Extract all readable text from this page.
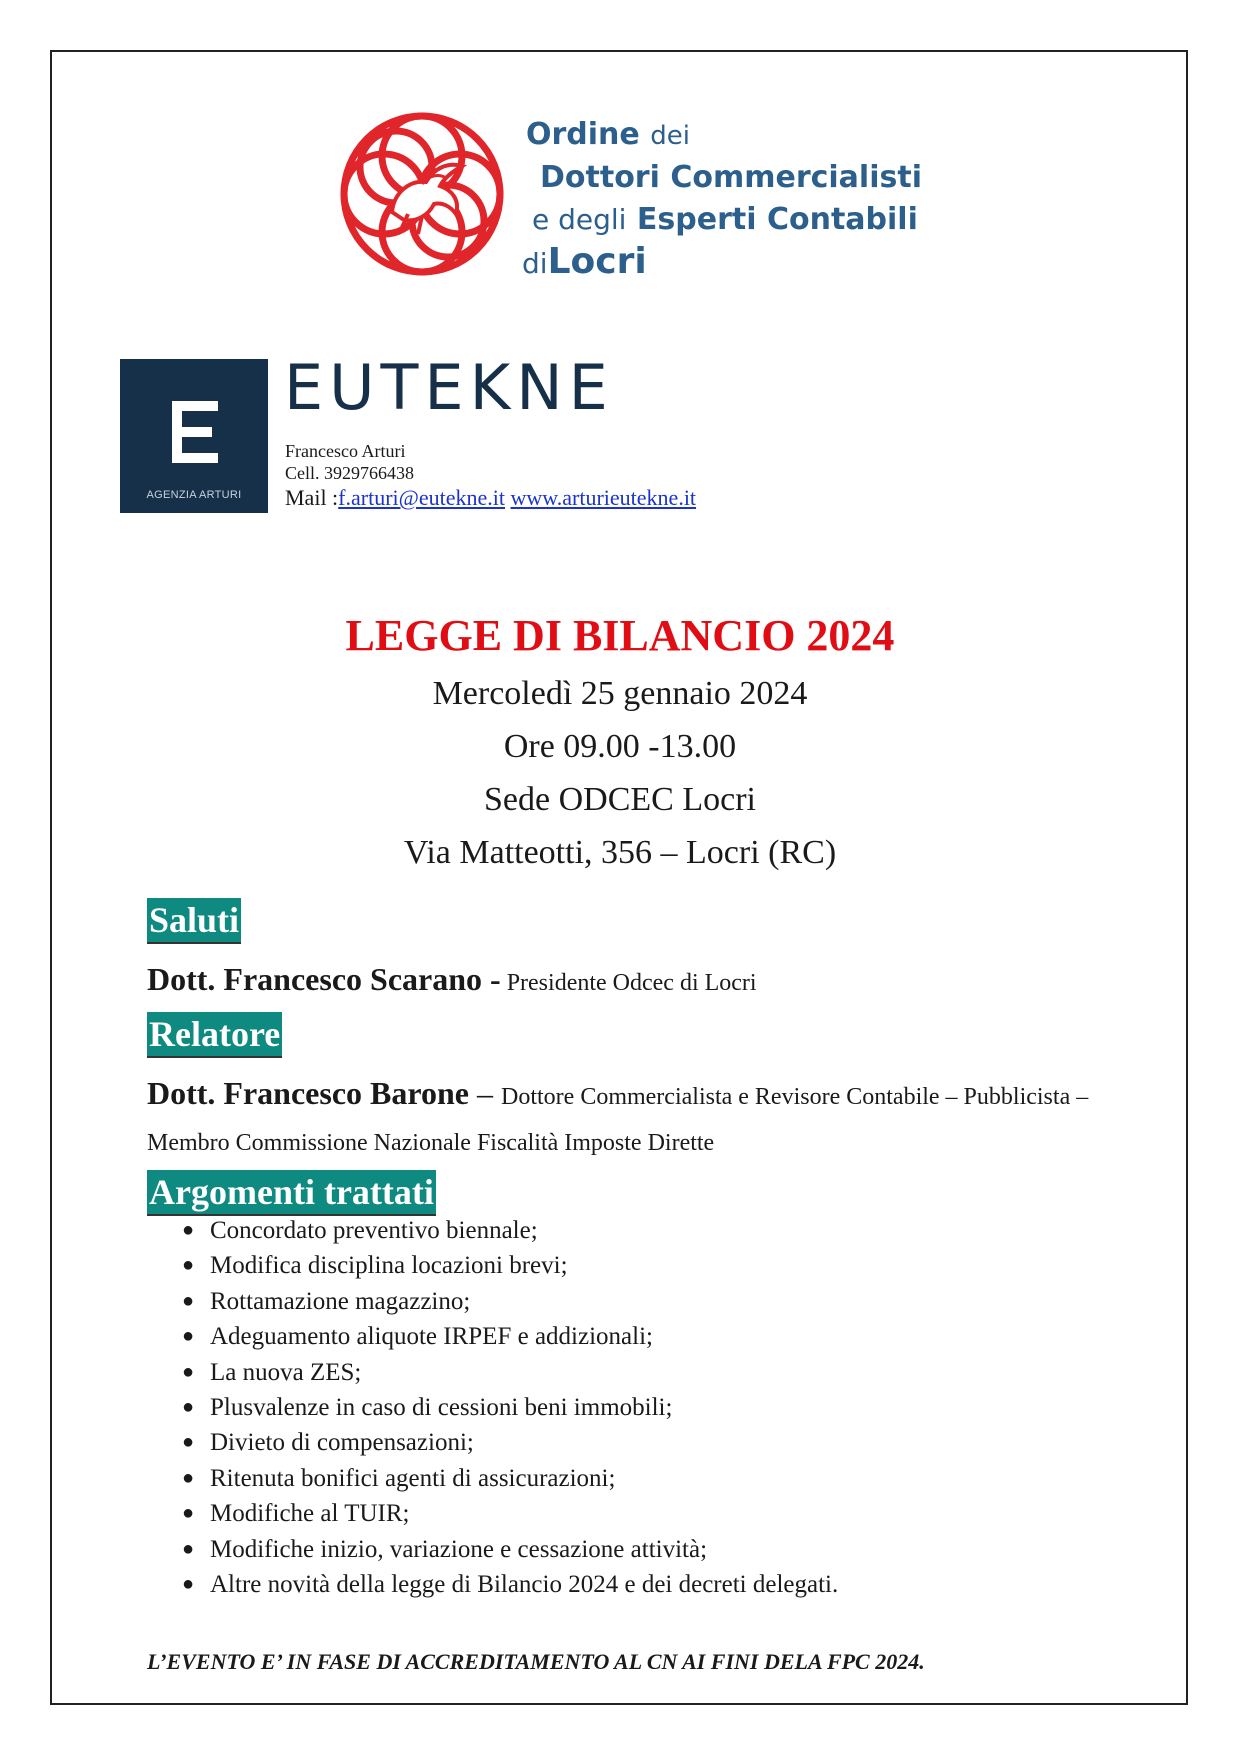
Ordine dei
Dottori Commercialisti
e degli Esperti Contabili
diLocri
AGENZIA ARTURI
EUTEKNE
Francesco Arturi
Cell. 3929766438
Mail :f.arturi@eutekne.it www.arturieutekne.it
LEGGE DI BILANCIO 2024
Mercoledì 25 gennaio 2024
Ore 09.00 -13.00
Sede ODCEC Locri
Via Matteotti, 356 – Locri (RC)
Saluti
Dott. Francesco Scarano - Presidente Odcec di Locri
Relatore
Dott. Francesco Barone – Dottore Commercialista e Revisore Contabile – Pubblicista – Membro Commissione Nazionale Fiscalità Imposte Dirette
Argomenti trattati
● Concordato preventivo biennale;
● Modifica disciplina locazioni brevi;
● Rottamazione magazzino;
● Adeguamento aliquote IRPEF e addizionali;
● La nuova ZES;
● Plusvalenze in caso di cessioni beni immobili;
● Divieto di compensazioni;
● Ritenuta bonifici agenti di assicurazioni;
● Modifiche al TUIR;
● Modifiche inizio, variazione e cessazione attività;
● Altre novità della legge di Bilancio 2024 e dei decreti delegati.
L’EVENTO E’ IN FASE DI ACCREDITAMENTO AL CN AI FINI DELA FPC 2024.
